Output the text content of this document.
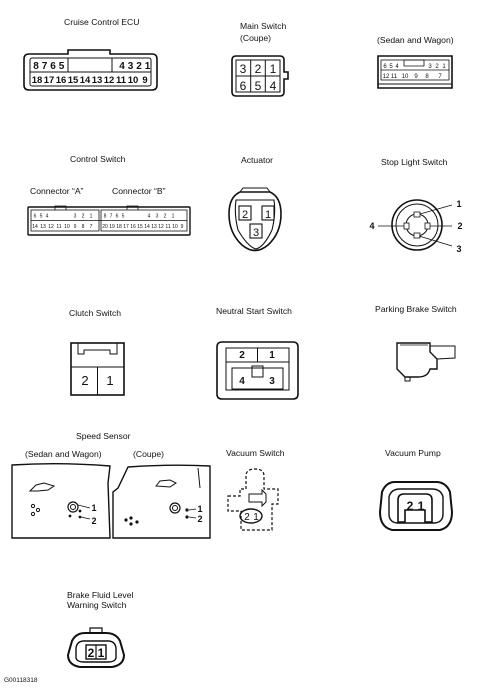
Cruise Control ECU	Main Switch
(Coupe)	(Sedan and Wagon)
Control Switch
Connector “A”	Connector “B”
Actuator	Stop Light Switch
Clutch Switch	Neutral Start Switch	Parking Brake Switch
Speed Sensor
(Sedan and Wagon)	(Coupe)	Vacuum Switch	Vacuum Pump
Brake Fluid Level
Warning Switch
G00118318
8 7 6 5	4 3 2 1
18 17 16 15 14 13 12 11 10 9
3 2 1
6 5 4
6 5 4	3 2 1
12 11 10 9 8 7
6 5 4	3 2 1
14 13 12 11 10 9 8 7
8 7 6 5	4 3 2 1
20 19 18 17 16 15 14 13 12 11 10 9
2 1
3
1
2
3
4
2 1
2 1
4 3
1
2
1
2	2 1
2 1
2 1
